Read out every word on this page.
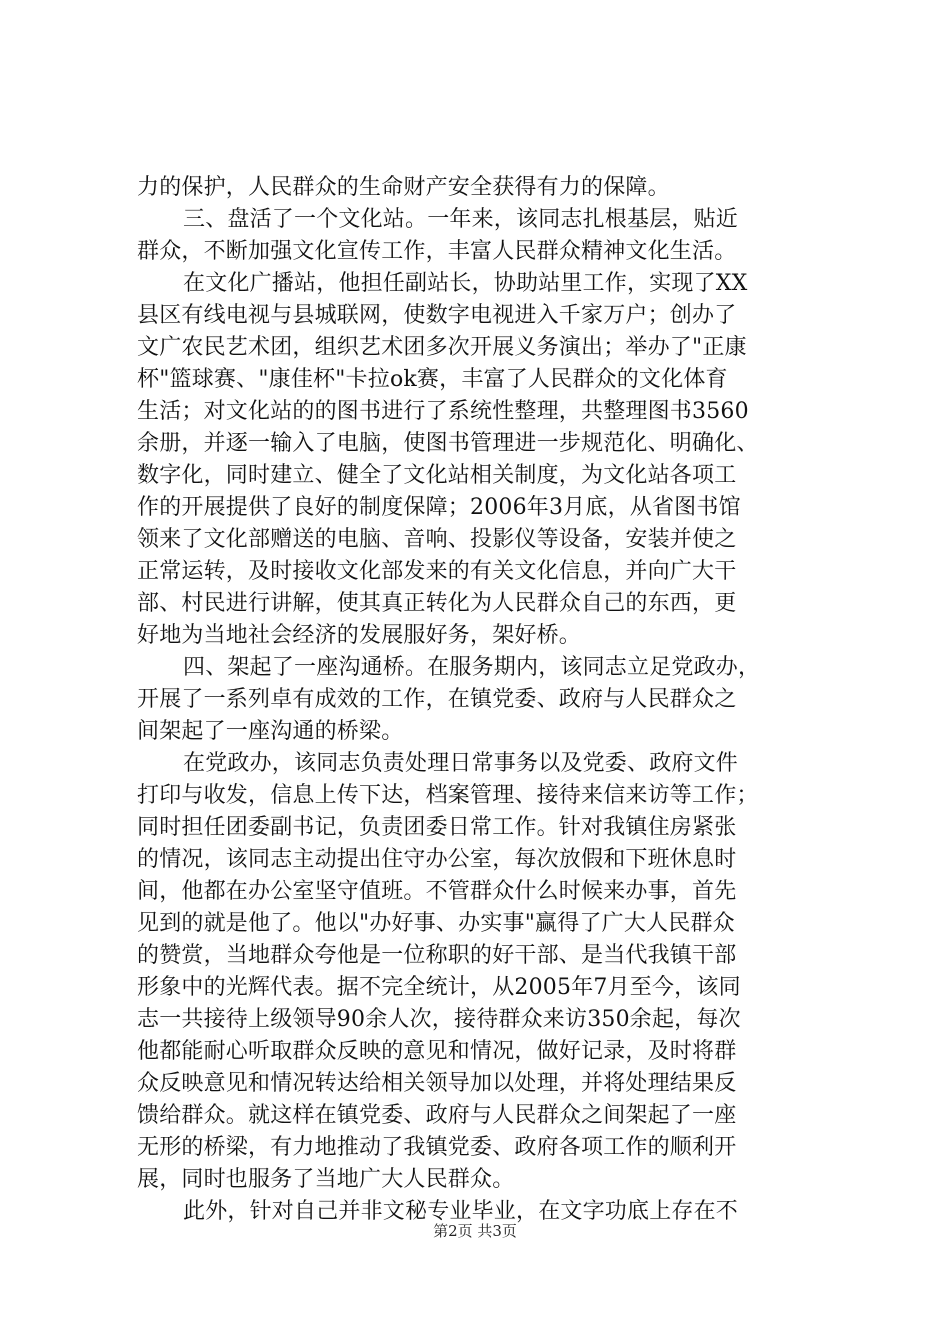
力的保护，人民群众的生命财产安全获得有力的保障。
三、盘活了一个文化站。一年来，该同志扎根基层，贴近
群众，不断加强文化宣传工作，丰富人民群众精神文化生活。
在文化广播站，他担任副站长，协助站里工作，实现了XX
县区有线电视与县城联网，使数字电视进入千家万户；创办了
文广农民艺术团，组织艺术团多次开展义务演出；举办了"正康
杯"篮球赛、"康佳杯"卡拉ok赛，丰富了人民群众的文化体育
生活；对文化站的的图书进行了系统性整理，共整理图书3560
余册，并逐一输入了电脑，使图书管理进一步规范化、明确化、
数字化，同时建立、健全了文化站相关制度，为文化站各项工
作的开展提供了良好的制度保障；2006年3月底，从省图书馆
领来了文化部赠送的电脑、音响、投影仪等设备，安装并使之
正常运转，及时接收文化部发来的有关文化信息，并向广大干
部、村民进行讲解，使其真正转化为人民群众自己的东西，更
好地为当地社会经济的发展服好务，架好桥。
四、架起了一座沟通桥。在服务期内，该同志立足党政办，
开展了一系列卓有成效的工作，在镇党委、政府与人民群众之
间架起了一座沟通的桥梁。
在党政办，该同志负责处理日常事务以及党委、政府文件
打印与收发，信息上传下达，档案管理、接待来信来访等工作；
同时担任团委副书记，负责团委日常工作。针对我镇住房紧张
的情况，该同志主动提出住守办公室，每次放假和下班休息时
间，他都在办公室坚守值班。不管群众什么时候来办事，首先
见到的就是他了。他以"办好事、办实事"赢得了广大人民群众
的赞赏，当地群众夸他是一位称职的好干部、是当代我镇干部
形象中的光辉代表。据不完全统计，从2005年7月至今，该同
志一共接待上级领导90余人次，接待群众来访350余起，每次
他都能耐心听取群众反映的意见和情况，做好记录，及时将群
众反映意见和情况转达给相关领导加以处理，并将处理结果反
馈给群众。就这样在镇党委、政府与人民群众之间架起了一座
无形的桥梁，有力地推动了我镇党委、政府各项工作的顺利开
展，同时也服务了当地广大人民群众。
此外，针对自己并非文秘专业毕业，在文字功底上存在不
第2页 共3页
